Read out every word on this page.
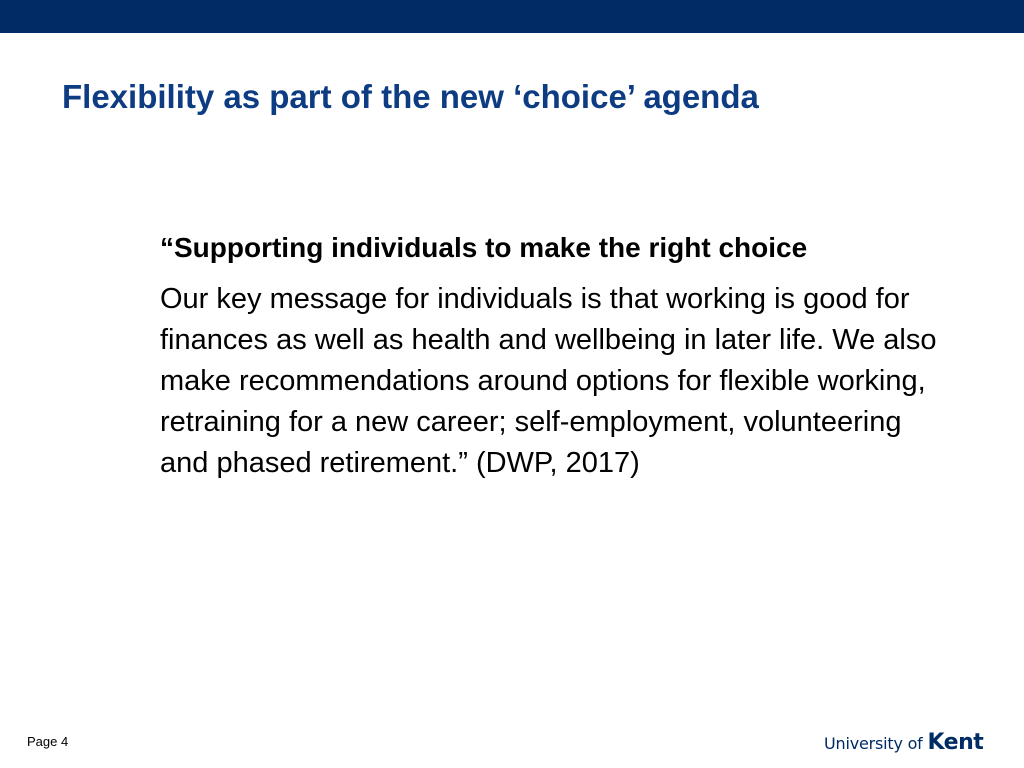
Flexibility as part of the new ‘choice’ agenda

“Supporting individuals to make the right choice

Our key message for individuals is that working is good for finances as well as health and wellbeing in later life. We also make recommendations around options for flexible working, retraining for a new career; self-employment, volunteering and phased retirement.” (DWP, 2017)

Page 4	University of Kent
